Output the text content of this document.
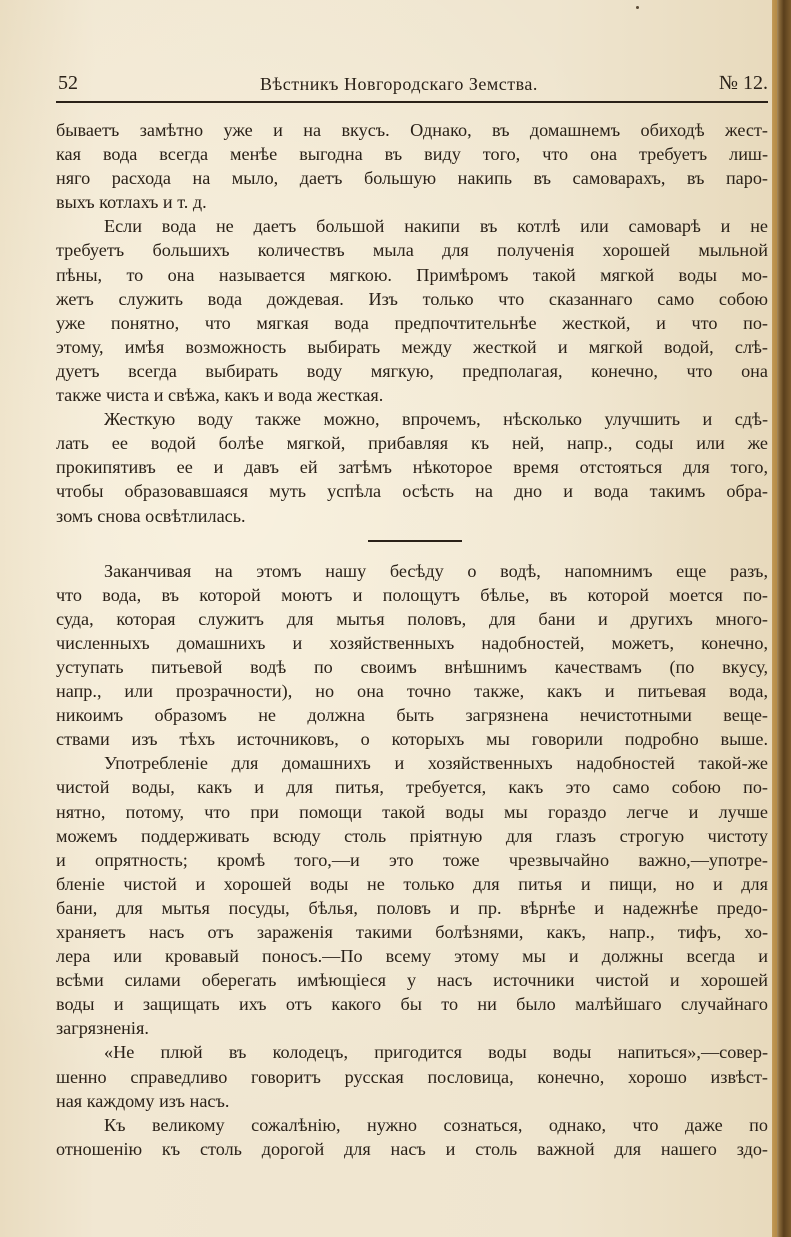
52	Вѣстникъ Новгородскаго Земства.	№ 12.
бываетъ замѣтно уже и на вкусъ. Однако, въ домашнемъ обиходѣ жест-
кая вода всегда менѣе выгодна въ виду того, что она требуетъ лиш-
няго расхода на мыло, даетъ большую накипь въ самоварахъ, въ паро-
выхъ котлахъ и т. д.
Если вода не даетъ большой накипи въ котлѣ или самоварѣ и не
требуетъ большихъ количествъ мыла для полученія хорошей мыльной
пѣны, то она называется мягкою. Примѣромъ такой мягкой воды мо-
жетъ служить вода дождевая. Изъ только что сказаннаго само собою
уже понятно, что мягкая вода предпочтительнѣе жесткой, и что по-
этому, имѣя возможность выбирать между жесткой и мягкой водой, слѣ-
дуетъ всегда выбирать воду мягкую, предполагая, конечно, что она
также чиста и свѣжа, какъ и вода жесткая.
Жесткую воду также можно, впрочемъ, нѣсколько улучшить и сдѣ-
лать ее водой болѣе мягкой, прибавляя къ ней, напр., соды или же
прокипятивъ ее и давъ ей затѣмъ нѣкоторое время отстояться для того,
чтобы образовавшаяся муть успѣла осѣсть на дно и вода такимъ обра-
зомъ снова освѣтлилась.
Заканчивая на этомъ нашу бесѣду о водѣ, напомнимъ еще разъ,
что вода, въ которой моютъ и полощутъ бѣлье, въ которой моется по-
суда, которая служитъ для мытья половъ, для бани и другихъ много-
численныхъ домашнихъ и хозяйственныхъ надобностей, можетъ, конечно,
уступать питьевой водѣ по своимъ внѣшнимъ качествамъ (по вкусу,
напр., или прозрачности), но она точно также, какъ и питьевая вода,
никоимъ образомъ не должна быть загрязнена нечистотными веще-
ствами изъ тѣхъ источниковъ, о которыхъ мы говорили подробно выше.
Употребленіе для домашнихъ и хозяйственныхъ надобностей такой-же
чистой воды, какъ и для питья, требуется, какъ это само собою по-
нятно, потому, что при помощи такой воды мы гораздо легче и лучше
можемъ поддерживать всюду столь пріятную для глазъ строгую чистоту
и опрятность; кромѣ того,—и это тоже чрезвычайно важно,—употре-
бленіе чистой и хорошей воды не только для питья и пищи, но и для
бани, для мытья посуды, бѣлья, половъ и пр. вѣрнѣе и надежнѣе предо-
храняетъ насъ отъ зараженія такими болѣзнями, какъ, напр., тифъ, хо-
лера или кровавый поносъ.—По всему этому мы и должны всегда и
всѣми силами оберегать имѣющіеся у насъ источники чистой и хорошей
воды и защищать ихъ отъ какого бы то ни было малѣйшаго случайнаго
загрязненія.
«Не плюй въ колодецъ, пригодится воды воды напиться»,—совер-
шенно справедливо говоритъ русская пословица, конечно, хорошо извѣст-
ная каждому изъ насъ.
Къ великому сожалѣнію, нужно сознаться, однако, что даже по
отношенію къ столь дорогой для насъ и столь важной для нашего здо-
